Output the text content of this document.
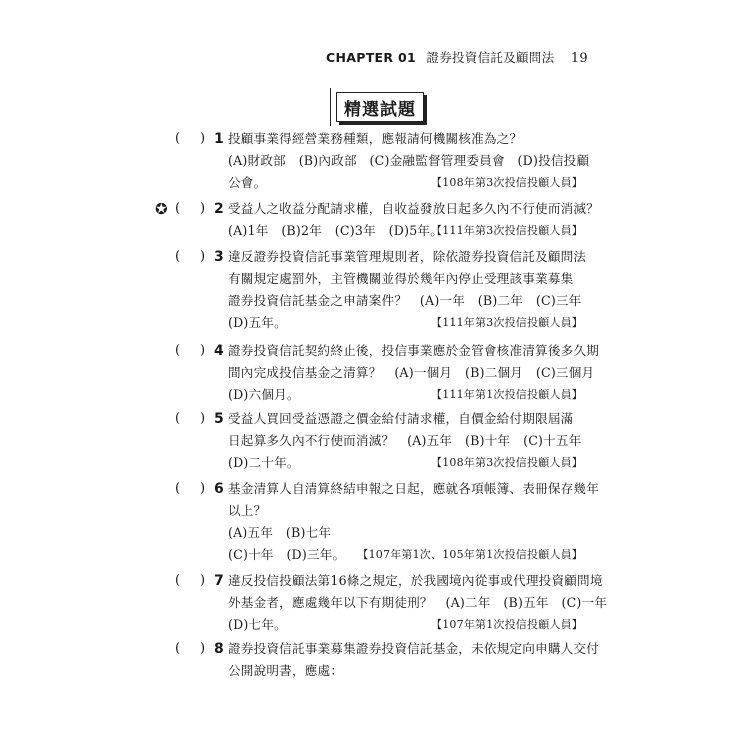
CHAPTER 01 證券投資信託及顧問法 19
精選試題
( ) 1 投顧事業得經營業務種類，應報請何機關核准為之？
(A)財政部　(B)內政部　(C)金融監督管理委員會　(D)投信投顧
公會。	【108年第3次投信投顧人員】
✪ ( ) 2 受益人之收益分配請求權，自收益發放日起多久內不行使而消滅？
(A)1年　(B)2年　(C)3年　(D)5年。
【111年第3次投信投顧人員】
( ) 3 違反證券投資信託事業管理規則者，除依證券投資信託及顧問法
有關規定處罰外，主管機關並得於幾年內停止受理該事業募集
證券投資信託基金之申請案件？　(A)一年　(B)二年　(C)三年
(D)五年。	【111年第3次投信投顧人員】
( ) 4 證券投資信託契約終止後，投信事業應於金管會核准清算後多久期
間內完成投信基金之清算？　(A)一個月　(B)二個月　(C)三個月
(D)六個月。	【111年第1次投信投顧人員】
( ) 5 受益人買回受益憑證之價金給付請求權，自價金給付期限屆滿
日起算多久內不行使而消滅？　(A)五年　(B)十年　(C)十五年
(D)二十年。	【108年第3次投信投顧人員】
( ) 6 基金清算人自清算終結申報之日起，應就各項帳簿、表冊保存幾年
以上？
(A)五年　(B)七年
(C)十年　(D)三年。 【107年第1次、105年第1次投信投顧人員】
( ) 7 違反投信投顧法第16條之規定，於我國境內從事或代理投資顧問境
外基金者，應處幾年以下有期徒刑？　(A)二年　(B)五年　(C)一年
(D)七年。	【107年第1次投信投顧人員】
( ) 8 證券投資信託事業募集證券投資信託基金，未依規定向申購人交付
公開說明書，應處：
